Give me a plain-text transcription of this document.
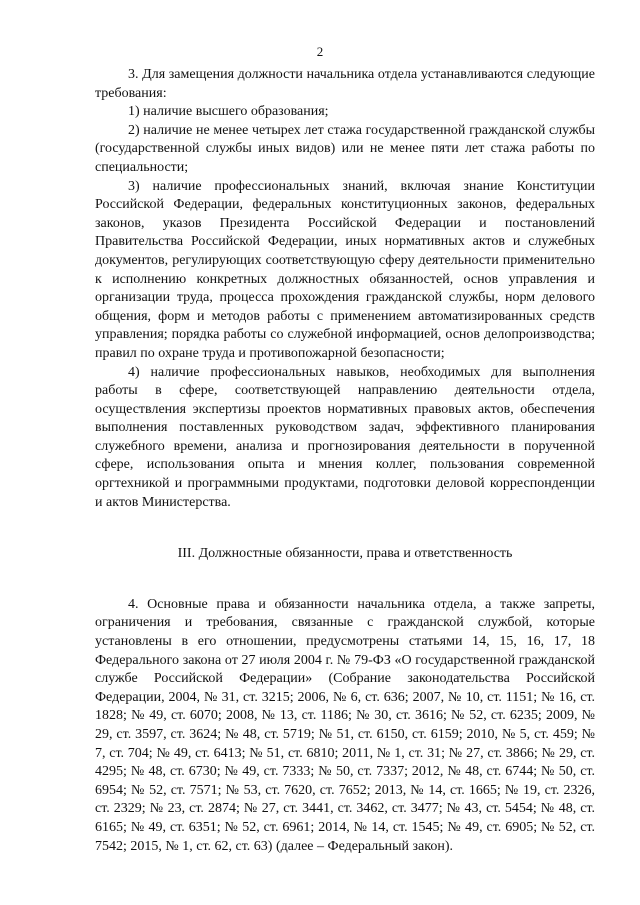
2

3. Для замещения должности начальника отдела устанавливаются следующие требования:

1) наличие высшего образования;

2) наличие не менее четырех лет стажа государственной гражданской службы (государственной службы иных видов) или не менее пяти лет стажа работы по специальности;

3) наличие профессиональных знаний, включая знание Конституции Российской Федерации, федеральных конституционных законов, федеральных законов, указов Президента Российской Федерации и постановлений Правительства Российской Федерации, иных нормативных актов и служебных документов, регулирующих соответствующую сферу деятельности применительно к исполнению конкретных должностных обязанностей, основ управления и организации труда, процесса прохождения гражданской службы, норм делового общения, форм и методов работы с применением автоматизированных средств управления; порядка работы со служебной информацией, основ делопроизводства; правил по охране труда и противопожарной безопасности;

4) наличие профессиональных навыков, необходимых для выполнения работы в сфере, соответствующей направлению деятельности отдела, осуществления экспертизы проектов нормативных правовых актов, обеспечения выполнения поставленных руководством задач, эффективного планирования служебного времени, анализа и прогнозирования деятельности в порученной сфере, использования опыта и мнения коллег, пользования современной оргтехникой и программными продуктами, подготовки деловой корреспонденции и актов Министерства.

III. Должностные обязанности, права и ответственность

4. Основные права и обязанности начальника отдела, а также запреты, ограничения и требования, связанные с гражданской службой, которые установлены в его отношении, предусмотрены статьями 14, 15, 16, 17, 18 Федерального закона от 27 июля 2004 г. № 79-ФЗ «О государственной гражданской службе Российской Федерации» (Собрание законодательства Российской Федерации, 2004, № 31, ст. 3215; 2006, № 6, ст. 636; 2007, № 10, ст. 1151; № 16, ст. 1828; № 49, ст. 6070; 2008, № 13, ст. 1186; № 30, ст. 3616; № 52, ст. 6235; 2009, № 29, ст. 3597, ст. 3624; № 48, ст. 5719; № 51, ст. 6150, ст. 6159; 2010, № 5, ст. 459; № 7, ст. 704; № 49, ст. 6413; № 51, ст. 6810; 2011, № 1, ст. 31; № 27, ст. 3866; № 29, ст. 4295; № 48, ст. 6730; № 49, ст. 7333; № 50, ст. 7337; 2012, № 48, ст. 6744; № 50, ст. 6954; № 52, ст. 7571; № 53, ст. 7620, ст. 7652; 2013, № 14, ст. 1665; № 19, ст. 2326, ст. 2329; № 23, ст. 2874; № 27, ст. 3441, ст. 3462, ст. 3477; № 43, ст. 5454; № 48, ст. 6165; № 49, ст. 6351; № 52, ст. 6961; 2014, № 14, ст. 1545; № 49, ст. 6905; № 52, ст. 7542; 2015, № 1, ст. 62, ст. 63) (далее – Федеральный закон).
